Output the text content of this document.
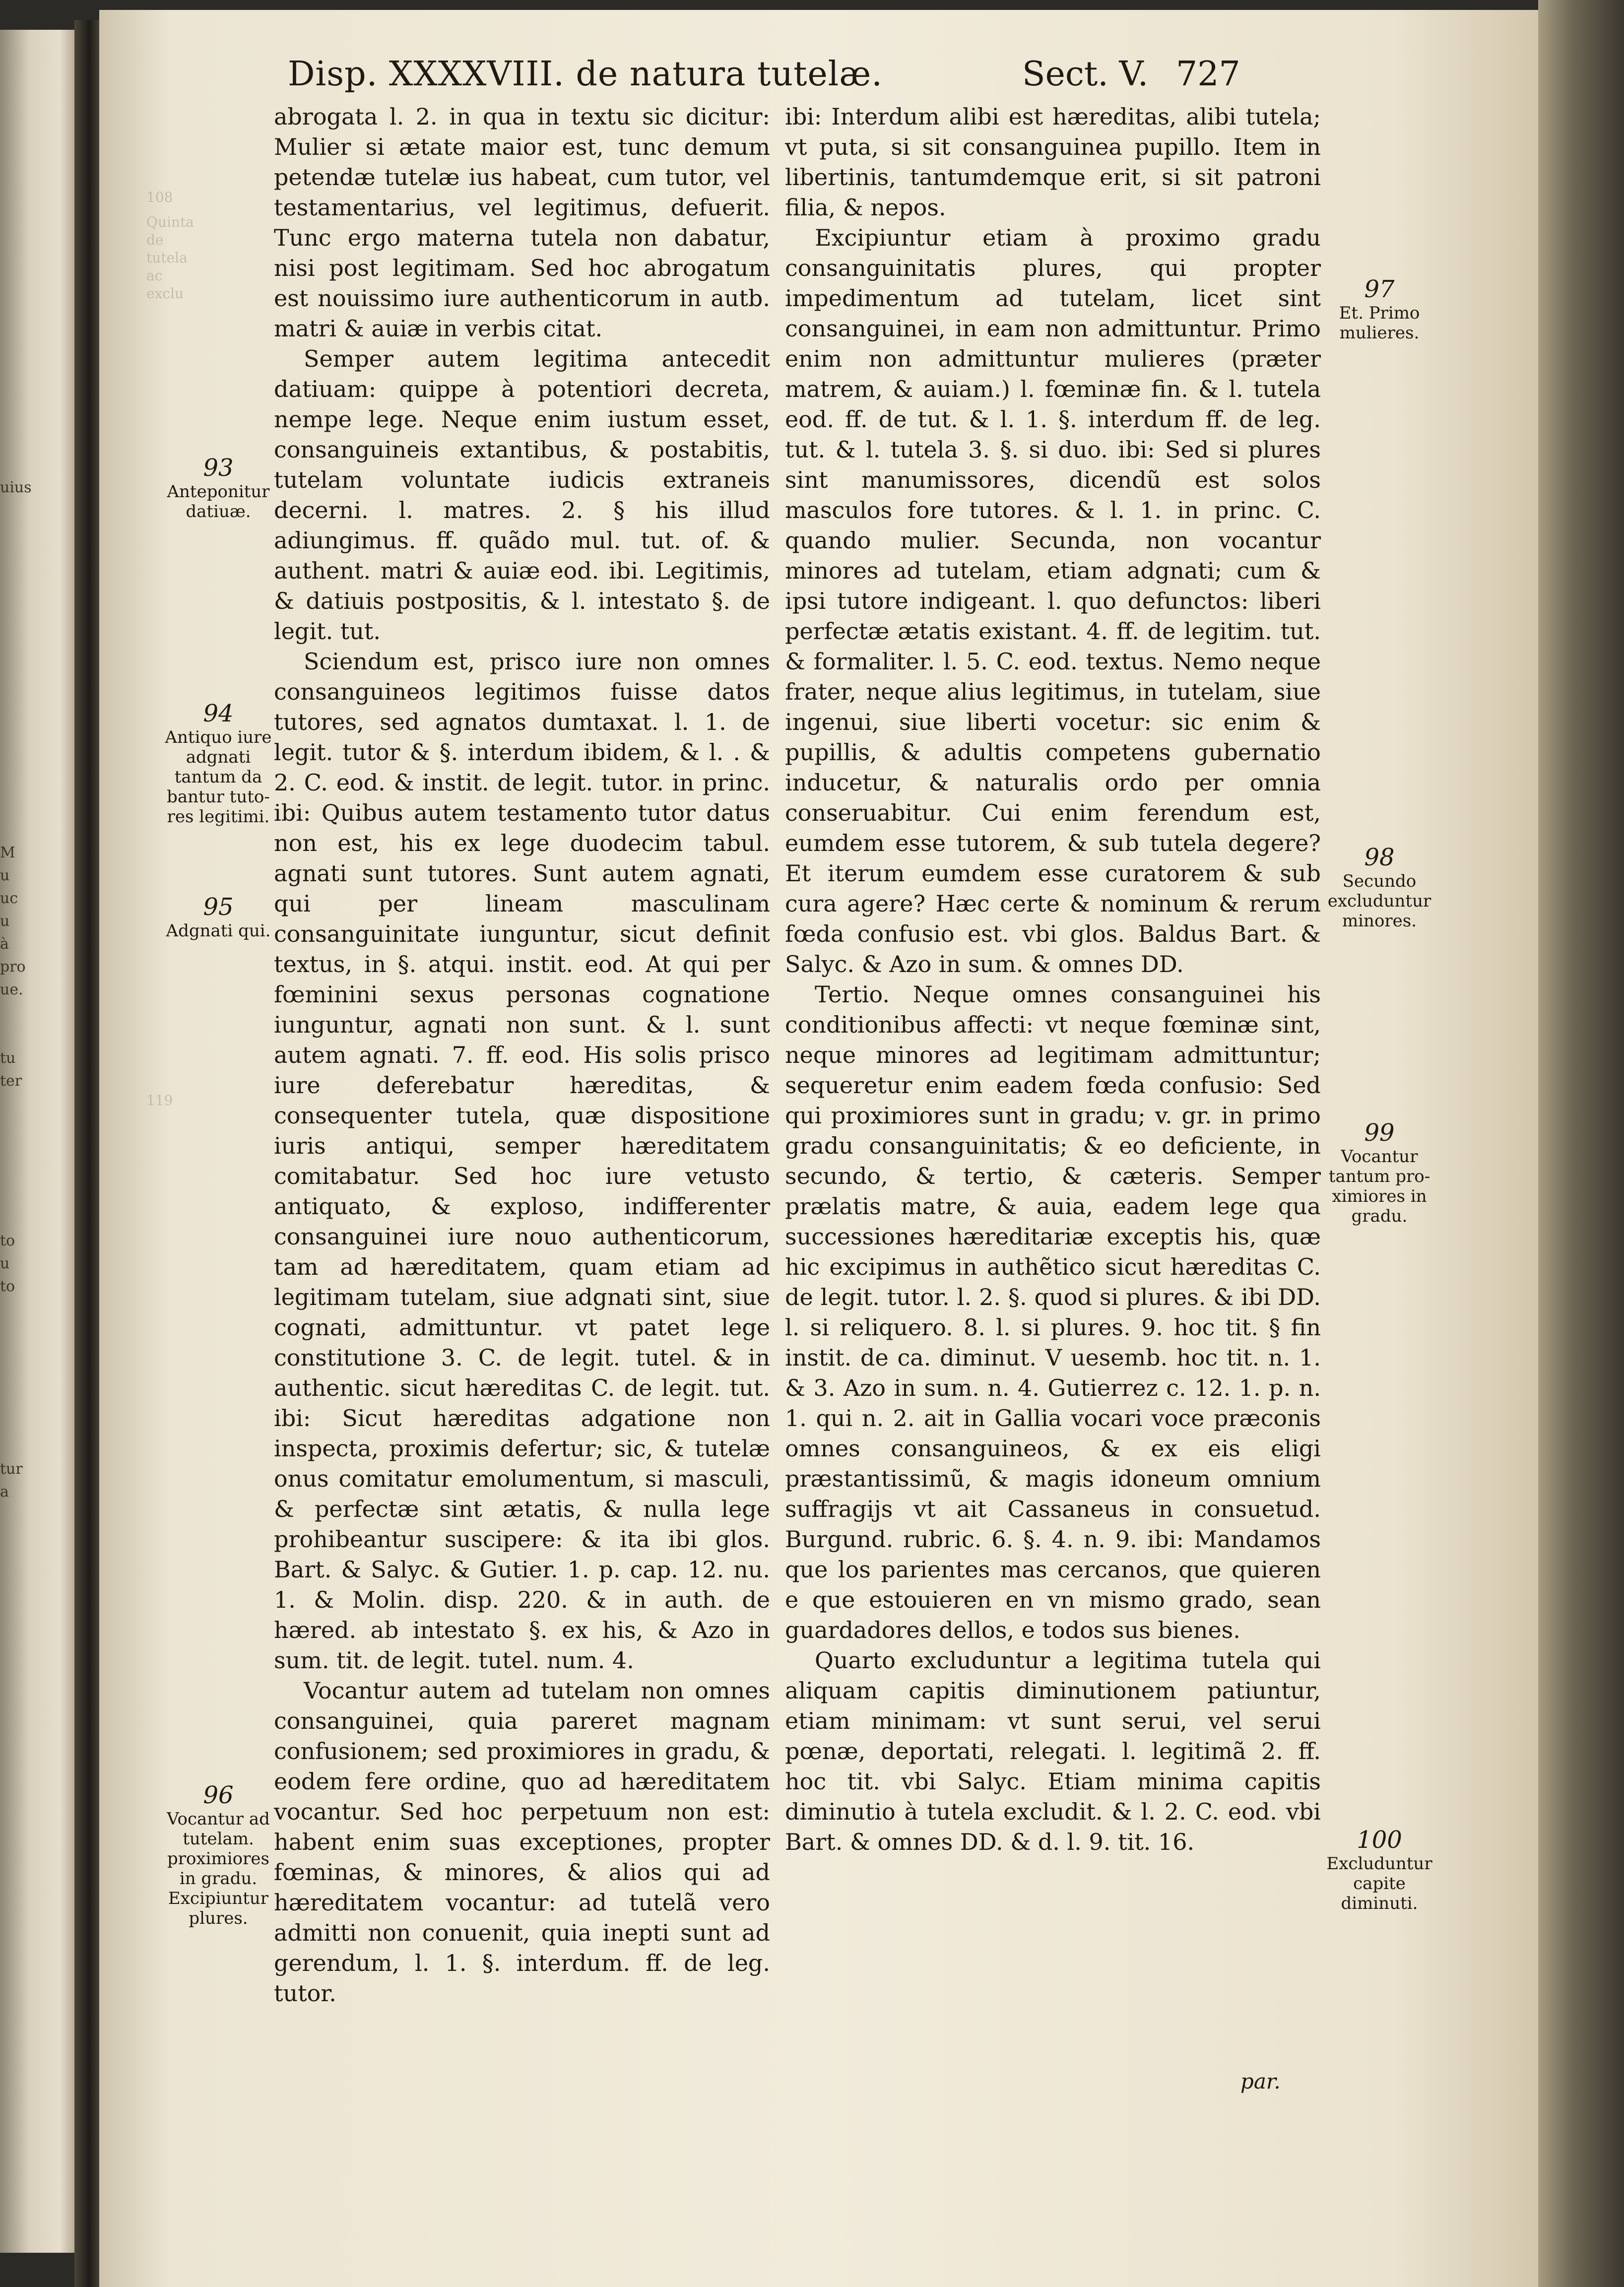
uius
M
u
uc
u
à
pro
ue.
tu
ter
to
u
to
tur
a
108
Quinta de tutela ac exclu
119
Disp. XXXXVIII. de natura tutelæ.	Sect. V. 727

abrogata l. 2. in qua in textu sic dicitur: Mulier si ætate maior est, tunc demum petendæ tutelæ ius habeat, cum tutor, vel testamentarius, vel legitimus, defuerit. Tunc ergo materna tutela non dabatur, nisi post legitimam. Sed hoc abrogatum est nouissimo iure authenticorum in autb. matri & auiæ in verbis citat.

Semper autem legitima antecedit datiuam: quippe à potentiori decreta, nempe lege. Neque enim iustum esset, consanguineis extantibus, & postabitis, tutelam voluntate iudicis extraneis decerni. l. matres. 2. § his illud adiungimus. ff. quãdo mul. tut. of. & authent. matri & auiæ eod. ibi. Legitimis, & datiuis postpositis, & l. intestato §. de legit. tut.

Sciendum est, prisco iure non omnes consanguineos legitimos fuisse datos tutores, sed agnatos dumtaxat. l. 1. de legit. tutor & §. interdum ibidem, & l. . & 2. C. eod. & instit. de legit. tutor. in princ. ibi: Quibus autem testamento tutor datus non est, his ex lege duodecim tabul. agnati sunt tutores. Sunt autem agnati, qui per lineam masculinam consanguinitate iunguntur, sicut definit textus, in §. atqui. instit. eod. At qui per fœminini sexus personas cognatione iunguntur, agnati non sunt. & l. sunt autem agnati. 7. ff. eod. His solis prisco iure deferebatur hæreditas, & consequenter tutela, quæ dispositione iuris antiqui, semper hæreditatem comitabatur. Sed hoc iure vetusto antiquato, & exploso, indifferenter consanguinei iure nouo authenticorum, tam ad hæreditatem, quam etiam ad legitimam tutelam, siue adgnati sint, siue cognati, admittuntur. vt patet lege constitutione 3. C. de legit. tutel. & in authentic. sicut hæreditas C. de legit. tut. ibi: Sicut hæreditas adgatione non inspecta, proximis defertur; sic, & tutelæ onus comitatur emolumentum, si masculi, & perfectæ sint ætatis, & nulla lege prohibeantur suscipere: & ita ibi glos. Bart. & Salyc. & Gutier. 1. p. cap. 12. nu. 1. & Molin. disp. 220. & in auth. de hæred. ab intestato §. ex his, & Azo in sum. tit. de legit. tutel. num. 4.

Vocantur autem ad tutelam non omnes consanguinei, quia pareret magnam confusionem; sed proximiores in gradu, & eodem fere ordine, quo ad hæreditatem vocantur. Sed hoc perpetuum non est: habent enim suas exceptiones, propter fœminas, & minores, & alios qui ad hæreditatem vocantur: ad tutelã vero admitti non conuenit, quia inepti sunt ad gerendum, l. 1. §. interdum. ff. de leg. tutor.

ibi: Interdum alibi est hæreditas, alibi tutela; vt puta, si sit consanguinea pupillo. Item in libertinis, tantumdemque erit, si sit patroni filia, & nepos.

Excipiuntur etiam à proximo gradu consanguinitatis plures, qui propter impedimentum ad tutelam, licet sint consanguinei, in eam non admittuntur. Primo enim non admittuntur mulieres (præter matrem, & auiam.) l. fœminæ fin. & l. tutela eod. ff. de tut. & l. 1. §. interdum ff. de leg. tut. & l. tutela 3. §. si duo. ibi: Sed si plures sint manumissores, dicendũ est solos masculos fore tutores. & l. 1. in princ. C. quando mulier. Secunda, non vocantur minores ad tutelam, etiam adgnati; cum & ipsi tutore indigeant. l. quo defunctos: liberi perfectæ ætatis existant. 4. ff. de legitim. tut. & formaliter. l. 5. C. eod. textus. Nemo neque frater, neque alius legitimus, in tutelam, siue ingenui, siue liberti vocetur: sic enim & pupillis, & adultis competens gubernatio inducetur, & naturalis ordo per omnia conseruabitur. Cui enim ferendum est, eumdem esse tutorem, & sub tutela degere? Et iterum eumdem esse curatorem & sub cura agere? Hæc certe & nominum & rerum fœda confusio est. vbi glos. Baldus Bart. & Salyc. & Azo in sum. & omnes DD.

Tertio. Neque omnes consanguinei his conditionibus affecti: vt neque fœminæ sint, neque minores ad legitimam admittuntur; sequeretur enim eadem fœda confusio: Sed qui proximiores sunt in gradu; v. gr. in primo gradu consanguinitatis; & eo deficiente, in secundo, & tertio, & cæteris. Semper prælatis matre, & auia, eadem lege qua successiones hæreditariæ exceptis his, quæ hic excipimus in authẽtico sicut hæreditas C. de legit. tutor. l. 2. §. quod si plures. & ibi DD. l. si reliquero. 8. l. si plures. 9. hoc tit. § fin instit. de ca. diminut. V uesemb. hoc tit. n. 1. & 3. Azo in sum. n. 4. Gutierrez c. 12. 1. p. n. 1. qui n. 2. ait in Gallia vocari voce præconis omnes consanguineos, & ex eis eligi præstantissimũ, & magis idoneum omnium suffragijs vt ait Cassaneus in consuetud. Burgund. rubric. 6. §. 4. n. 9. ibi: Mandamos que los parientes mas cercanos, que quieren e que estouieren en vn mismo grado, sean guardadores dellos, e todos sus bienes.

Quarto excluduntur a legitima tutela qui aliquam capitis diminutionem patiuntur, etiam minimam: vt sunt serui, vel serui pœnæ, deportati, relegati. l. legitimã 2. ff. hoc tit. vbi Salyc. Etiam minima capitis diminutio à tutela excludit. & l. 2. C. eod. vbi Bart. & omnes DD. & d. l. 9. tit. 16.

93
Anteponitur datiuæ.
94
Antiquo iure adgnati tantum da bantur tutores legitimi.
95
Adgnati qui.
96
Vocantur ad tutelam. proximiores in gradu. Excipiuntur plures.
97
Et. Primo mulieres.
98
Secundo excluduntur minores.
99
Vocantur tantum proximiores in gradu.
100
Excluduntur capite diminuti.
par.
